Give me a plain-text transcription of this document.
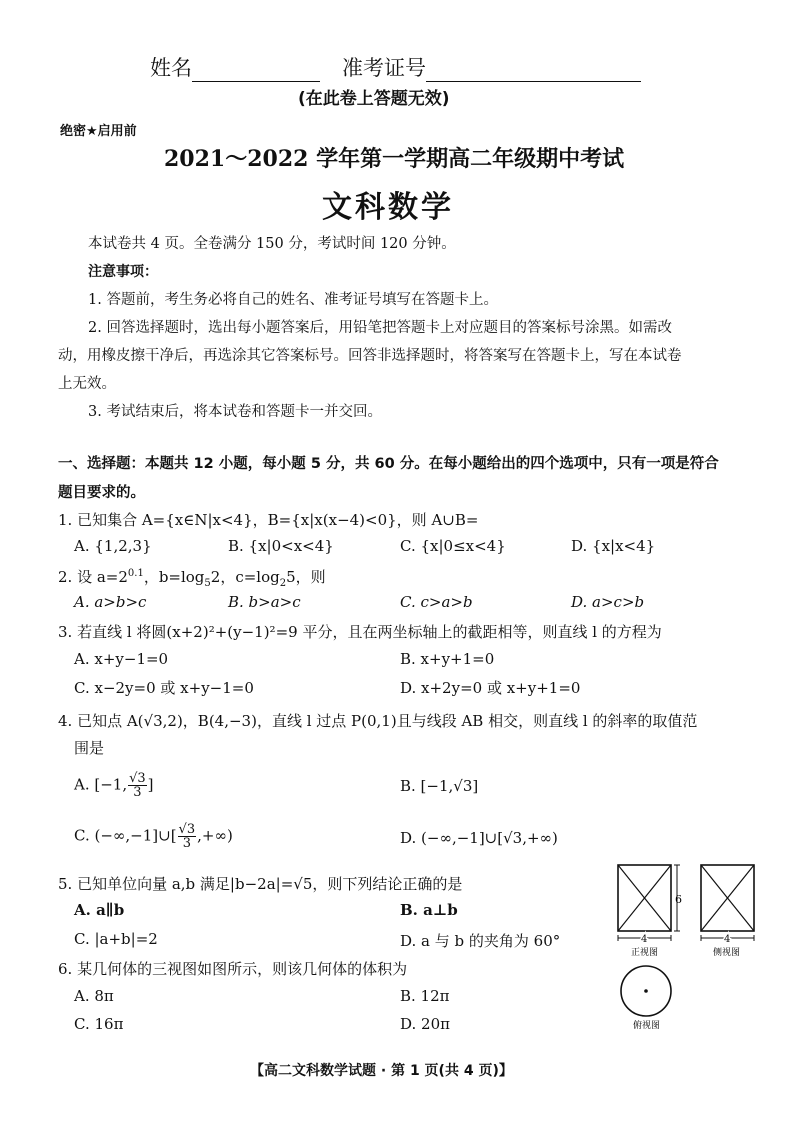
姓名	准考证号
(在此卷上答题无效)
绝密★启用前
2021～2022 学年第一学期高二年级期中考试
文科数学
本试卷共 4 页。全卷满分 150 分，考试时间 120 分钟。
注意事项：
1. 答题前，考生务必将自己的姓名、准考证号填写在答题卡上。
2. 回答选择题时，选出每小题答案后，用铅笔把答题卡上对应题目的答案标号涂黑。如需改
动，用橡皮擦干净后，再选涂其它答案标号。回答非选择题时，将答案写在答题卡上，写在本试卷
上无效。
3. 考试结束后，将本试卷和答题卡一并交回。
一、选择题：本题共 12 小题，每小题 5 分，共 60 分。在每小题给出的四个选项中，只有一项是符合
题目要求的。
1. 已知集合 A={x∈N|x<4}，B={x|x(x−4)<0}，则 A∪B=
A. {1,2,3}	B. {x|0<x<4}	C. {x|0≤x<4}	D. {x|x<4}
2. 设 $a=2^{0.1}$，$b=\log_52$，$c=\log_25$，则
A. a>b>c	B. b>a>c	C. c>a>b	D. a>c>b
3. 若直线 l 将圆(x+2)²+(y−1)²=9 平分，且在两坐标轴上的截距相等，则直线 l 的方程为
A. x+y−1=0	B. x+y+1=0
C. x−2y=0 或 x+y−1=0	D. x+2y=0 或 x+y+1=0
4. 已知点 A(√3,2)，B(4,−3)，直线 l 过点 P(0,1)且与线段 AB 相交，则直线 l 的斜率的取值范
围是
A. [−1, $\frac{√3}{3}$ ]	B. [−1,√3]
C. (−∞,−1]∪[ $\frac{√3}{3}$ ,+∞)	D. (−∞,−1]∪[√3,+∞)
5. 已知单位向量 a,b 满足|b−2a|=√5，则下列结论正确的是
A. a∥b	B. a⊥b
C. |a+b|=2	D. a 与 b 的夹角为 60°
6. 某几何体的三视图如图所示，则该几何体的体积为
A. 8π	B. 12π
C. 16π	D. 20π
6
4
正视图
4
侧视图
俯视图
【高二文科数学试题 · 第 1 页(共 4 页)】
